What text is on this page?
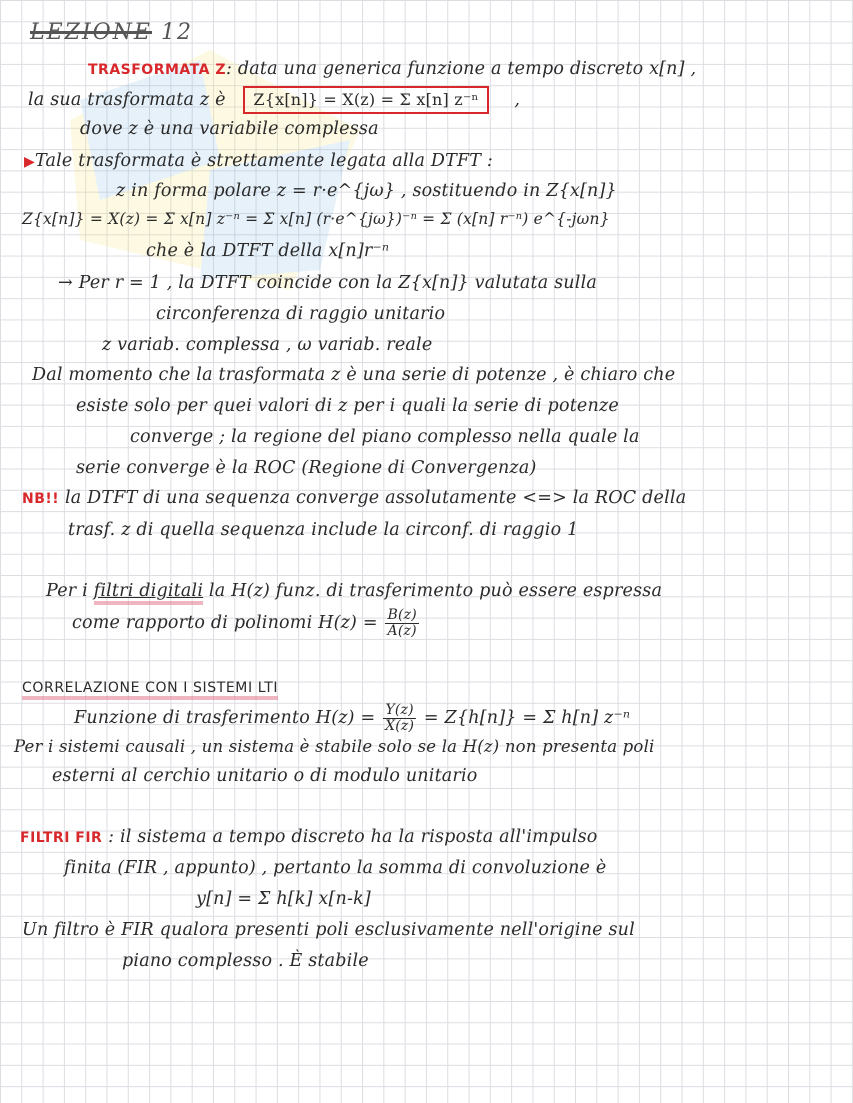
LEZIONE 12
TRASFORMATA Z: data una generica funzione a tempo discreto x[n] ,
la sua trasformata z è Z{x[n]} = X(z) = Σ x[n] z⁻ⁿ ,
dove z è una variabile complessa
▶Tale trasformata è strettamente legata alla DTFT :
z in forma polare z = r·e^{jω} , sostituendo in Z{x[n]}
Z{x[n]} = X(z) = Σ x[n] z⁻ⁿ = Σ x[n] (r·e^{jω})⁻ⁿ = Σ (x[n] r⁻ⁿ) e^{-jωn}
che è la DTFT della x[n]r⁻ⁿ
→ Per r = 1 , la DTFT coincide con la Z{x[n]} valutata sulla
circonferenza di raggio unitario
z variab. complessa , ω variab. reale
Dal momento che la trasformata z è una serie di potenze , è chiaro che
esiste solo per quei valori di z per i quali la serie di potenze
converge ; la regione del piano complesso nella quale la
serie converge è la ROC (Regione di Convergenza)
NB!! la DTFT di una sequenza converge assolutamente <=> la ROC della
trasf. z di quella sequenza include la circonf. di raggio 1
Per i filtri digitali la H(z) funz. di trasferimento può essere espressa
come rapporto di polinomi $H(z) = \frac{B(z)}{A(z)}$
CORRELAZIONE CON I SISTEMI LTI
Funzione di trasferimento $H(z) = \frac{Y(z)}{X(z)} = Z\{h[n]\} = \Sigma$ h[n] z⁻ⁿ
Per i sistemi causali , un sistema è stabile solo se la H(z) non presenta poli
esterni al cerchio unitario o di modulo unitario
FILTRI FIR : il sistema a tempo discreto ha la risposta all'impulso
finita (FIR , appunto) , pertanto la somma di convoluzione è
y[n] = Σ h[k] x[n-k]
Un filtro è FIR qualora presenti poli esclusivamente nell'origine sul
piano complesso . È stabile
